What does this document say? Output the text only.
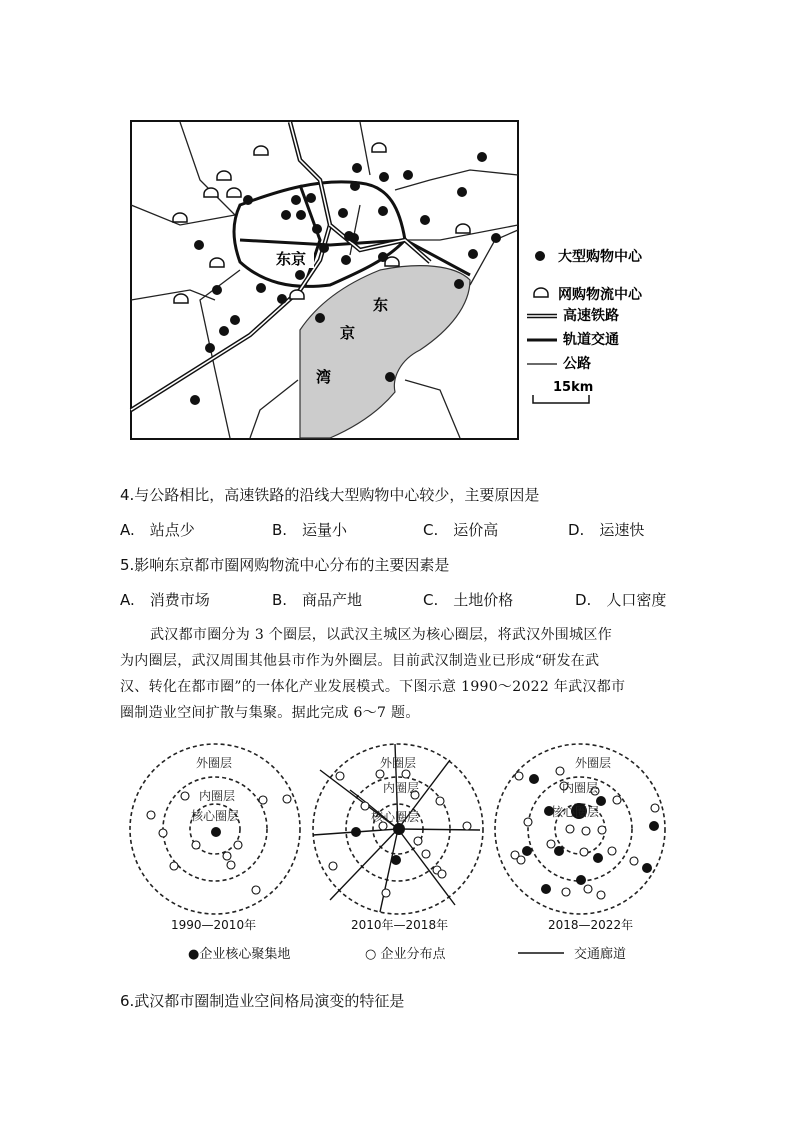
东京
东
京
湾
大型购物中心
网购物流中心
高速铁路
轨道交通
公路
15km
4.与公路相比，高速铁路的沿线大型购物中心较少，主要原因是
A.　站点少	B.　运量小	C.　运价高	D.　运速快
5.影响东京都市圈网购物流中心分布的主要因素是
A.　消费市场	B.　商品产地	C.　土地价格	D.　人口密度
武汉都市圈分为 3 个圈层，以武汉主城区为核心圈层，将武汉外围城区作
为内圈层，武汉周围其他县市作为外圈层。目前武汉制造业已形成“研发在武
汉、转化在都市圈”的一体化产业发展模式。下图示意 1990～2022 年武汉都市
圈制造业空间扩散与集聚。据此完成 6～7 题。
外圈层
内圈层
核心圈层
1990—2010年
外圈层
内圈层
核心圈层
2010年—2018年
外圈层
内圈层
核心圈层
2018—2022年
●企业核心聚集地	○ 企业分布点	交通廊道
6.武汉都市圈制造业空间格局演变的特征是
